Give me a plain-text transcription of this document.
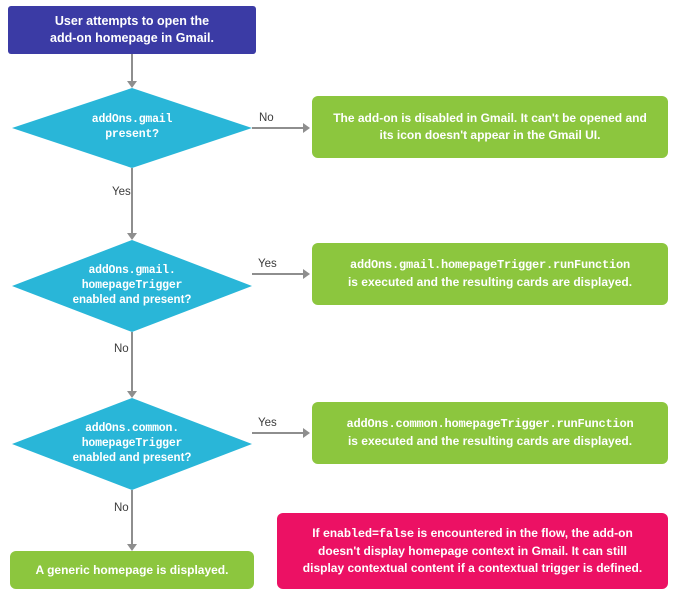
User attempts to open the
add-on homepage in Gmail.
addOns.gmail
present?
No	The add-on is disabled in Gmail. It can't be opened and
its icon doesn't appear in the Gmail UI.
Yes
addOns.gmail.
homepageTrigger
enabled and present?
Yes	addOns.gmail.homepageTrigger.runFunction
is executed and the resulting cards are displayed.
No
addOns.common.
homepageTrigger
enabled and present?
Yes	addOns.common.homepageTrigger.runFunction
is executed and the resulting cards are displayed.
No
A generic homepage is displayed.
If enabled=false is encountered in the flow, the add-on
doesn't display homepage context in Gmail. It can still
display contextual content if a contextual trigger is defined.
